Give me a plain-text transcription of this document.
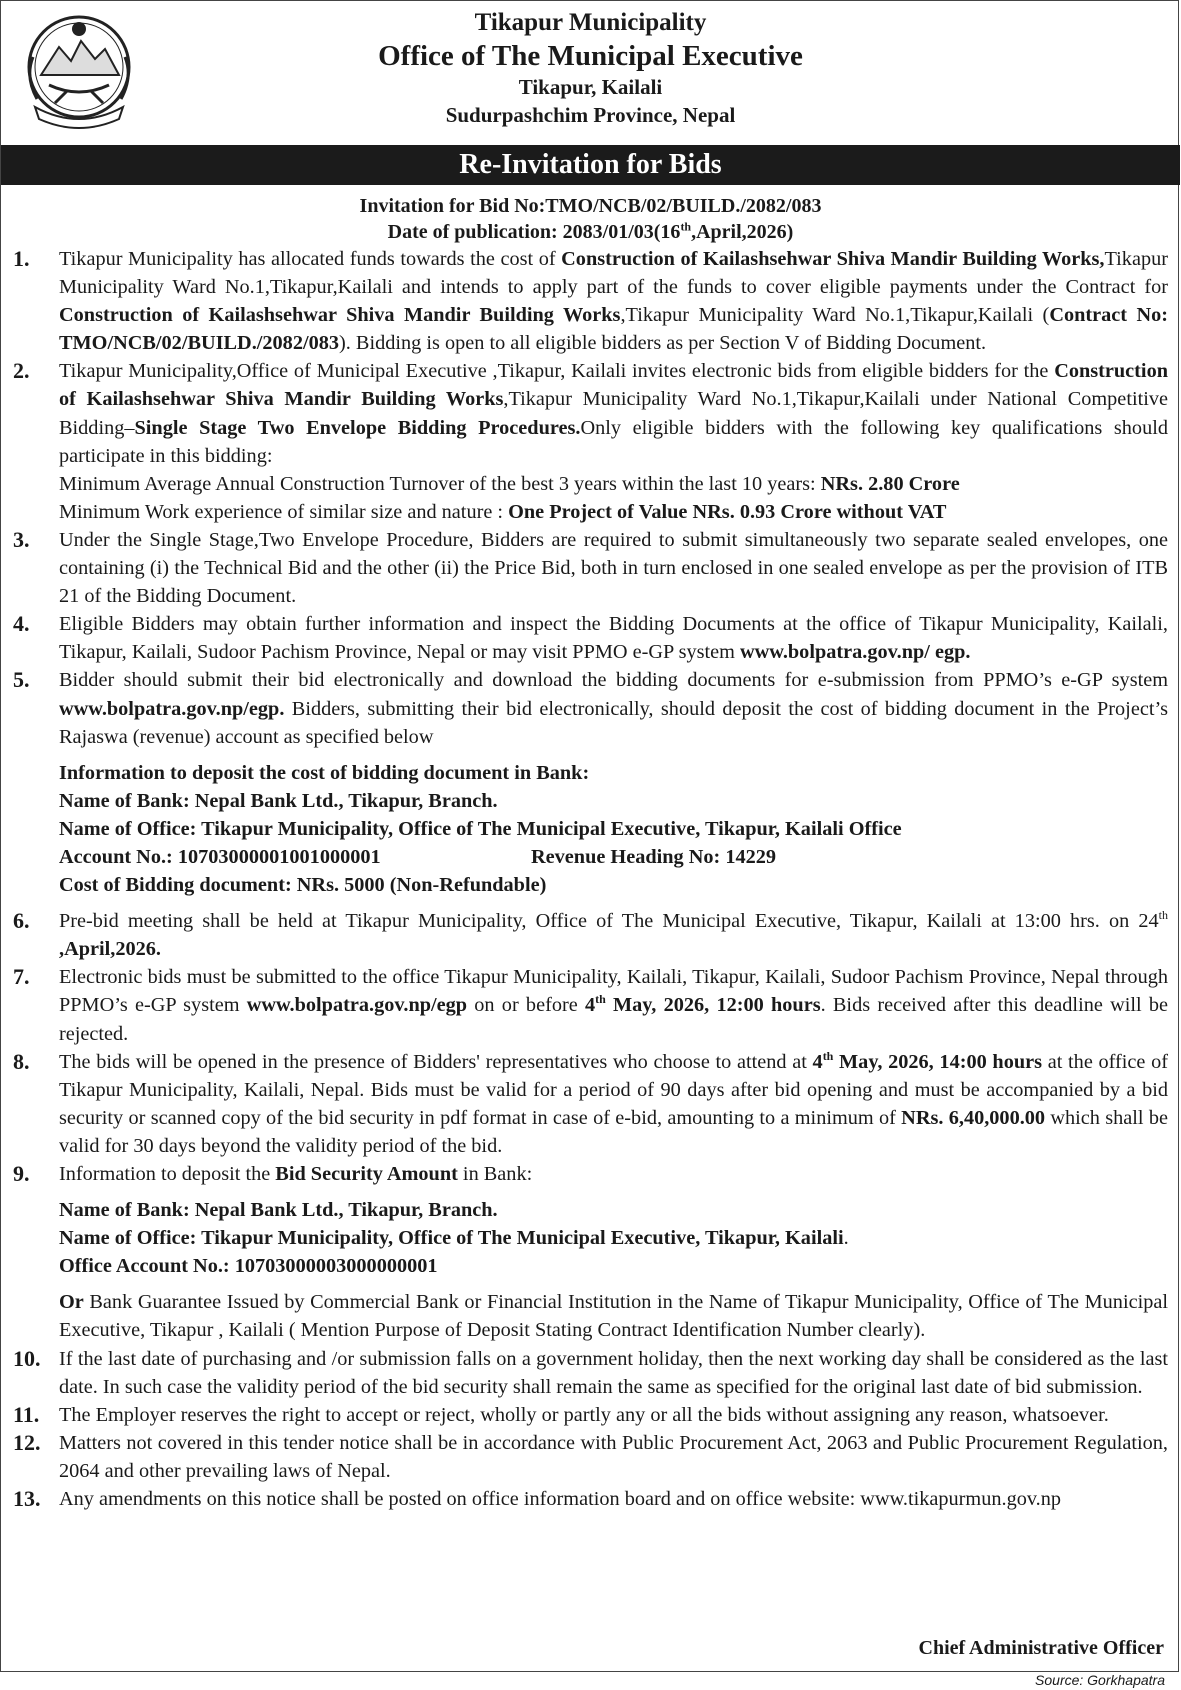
Tikapur Municipality
Office of The Municipal Executive
Tikapur, Kailali
Sudurpashchim Province, Nepal
Re-Invitation for Bids
Invitation for Bid No:TMO/NCB/02/BUILD./2082/083
Date of publication: 2083/01/03(16th,April,2026)
1. Tikapur Municipality has allocated funds towards the cost of Construction of Kailashsehwar Shiva Mandir Building Works,Tikapur Municipality Ward No.1,Tikapur,Kailali and intends to apply part of the funds to cover eligible payments under the Contract for Construction of Kailashsehwar Shiva Mandir Building Works,Tikapur Municipality Ward No.1,Tikapur,Kailali (Contract No: TMO/NCB/02/BUILD./2082/083). Bidding is open to all eligible bidders as per Section V of Bidding Document.
2. Tikapur Municipality,Office of Municipal Executive ,Tikapur, Kailali invites electronic bids from eligible bidders for the Construction of Kailashsehwar Shiva Mandir Building Works,Tikapur Municipality Ward No.1,Tikapur,Kailali under National Competitive Bidding–Single Stage Two Envelope Bidding Procedures.Only eligible bidders with the following key qualifications should participate in this bidding:
Minimum Average Annual Construction Turnover of the best 3 years within the last 10 years: NRs. 2.80 Crore
Minimum Work experience of similar size and nature : One Project of Value NRs. 0.93 Crore without VAT
3. Under the Single Stage,Two Envelope Procedure, Bidders are required to submit simultaneously two separate sealed envelopes, one containing (i) the Technical Bid and the other (ii) the Price Bid, both in turn enclosed in one sealed envelope as per the provision of ITB 21 of the Bidding Document.
4. Eligible Bidders may obtain further information and inspect the Bidding Documents at the office of Tikapur Municipality, Kailali, Tikapur, Kailali, Sudoor Pachism Province, Nepal or may visit PPMO e-GP system www.bolpatra.gov.np/ egp.
5. Bidder should submit their bid electronically and download the bidding documents for e-submission from PPMO’s e-GP system www.bolpatra.gov.np/egp. Bidders, submitting their bid electronically, should deposit the cost of bidding document in the Project’s Rajaswa (revenue) account as specified below
Information to deposit the cost of bidding document in Bank:
Name of Bank: Nepal Bank Ltd., Tikapur, Branch.
Name of Office: Tikapur Municipality, Office of The Municipal Executive, Tikapur, Kailali Office
Account No.: 107030000010010000​01	Revenue Heading No: 14229
Cost of Bidding document: NRs. 5000 (Non-Refundable)
6. Pre-bid meeting shall be held at Tikapur Municipality, Office of The Municipal Executive, Tikapur, Kailali at 13:00 hrs. on 24th ,April,2026.
7. Electronic bids must be submitted to the office Tikapur Municipality, Kailali, Tikapur, Kailali, Sudoor Pachism Province, Nepal through PPMO’s e-GP system www.bolpatra.gov.np/egp on or before 4th May, 2026, 12:00 hours. Bids received after this deadline will be rejected.
8. The bids will be opened in the presence of Bidders' representatives who choose to attend at 4th May, 2026, 14:00 hours at the office of Tikapur Municipality, Kailali, Nepal. Bids must be valid for a period of 90 days after bid opening and must be accompanied by a bid security or scanned copy of the bid security in pdf format in case of e-bid, amounting to a minimum of NRs. 6,40,000.00 which shall be valid for 30 days beyond the validity period of the bid.
9. Information to deposit the Bid Security Amount in Bank:
Name of Bank: Nepal Bank Ltd., Tikapur, Branch.
Name of Office: Tikapur Municipality, Office of The Municipal Executive, Tikapur, Kailali.
Office Account No.: 10703000003000000001
Or Bank Guarantee Issued by Commercial Bank or Financial Institution in the Name of Tikapur Municipality, Office of The Municipal Executive, Tikapur , Kailali ( Mention Purpose of Deposit Stating Contract Identification Number clearly).
10. If the last date of purchasing and /or submission falls on a government holiday, then the next working day shall be considered as the last date. In such case the validity period of the bid security shall remain the same as specified for the original last date of bid submission.
11. The Employer reserves the right to accept or reject, wholly or partly any or all the bids without assigning any reason, whatsoever.
12. Matters not covered in this tender notice shall be in accordance with Public Procurement Act, 2063 and Public Procurement Regulation, 2064 and other prevailing laws of Nepal.
13. Any amendments on this notice shall be posted on office information board and on office website: www.tikapurmun.gov.np
Chief Administrative Officer
Source: Gorkhapatra
